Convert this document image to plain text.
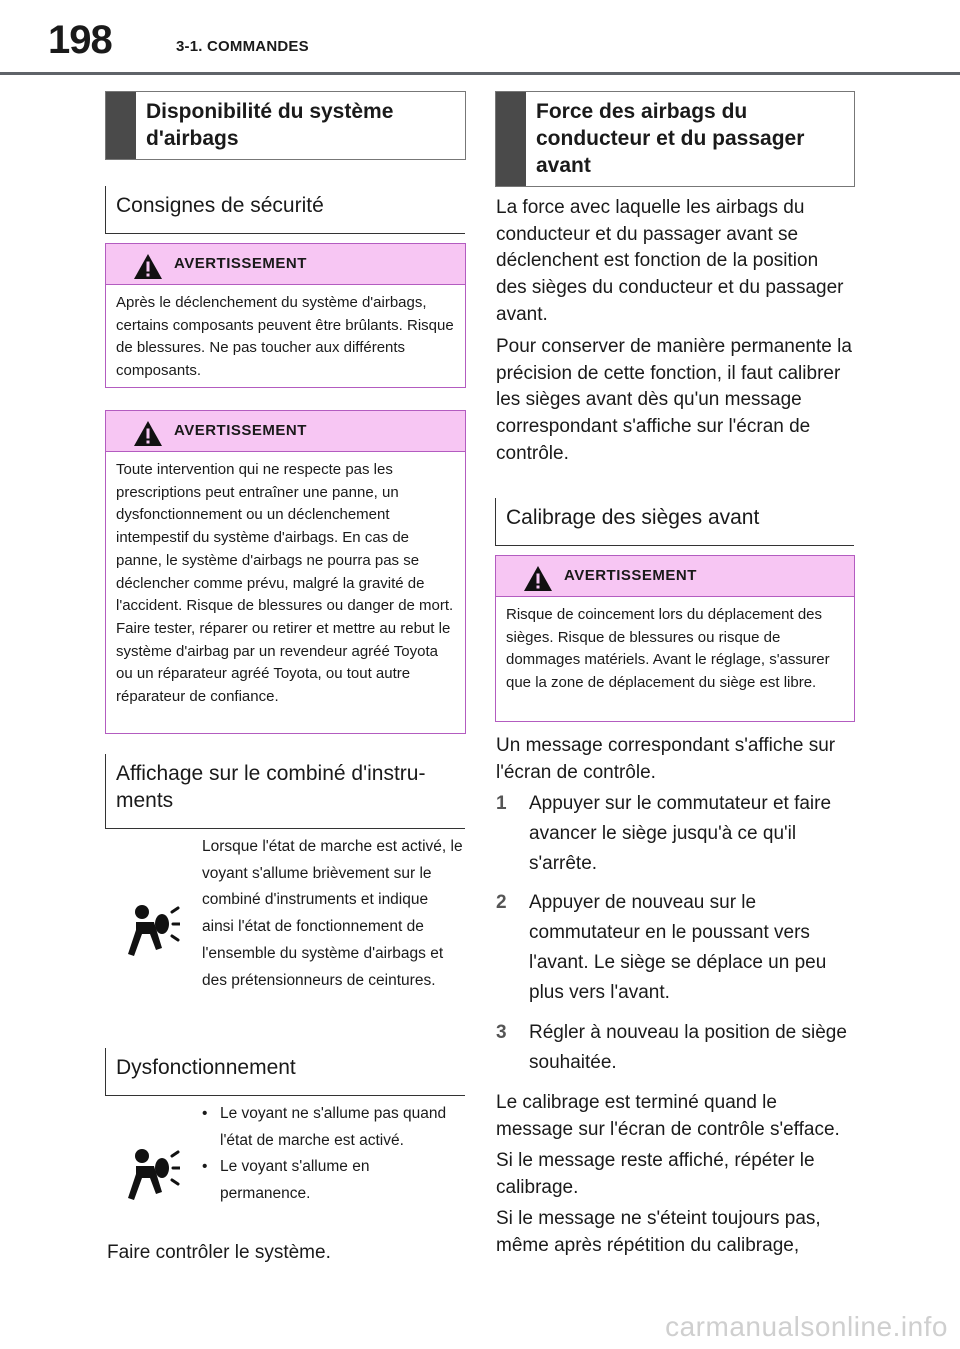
198	3-1. COMMANDES
Disponibilité du système d'airbags
Consignes de sécurité
AVERTISSEMENT
Après le déclenchement du système d'airbags, certains composants peuvent être brûlants. Risque de blessures. Ne pas toucher aux différents composants.
AVERTISSEMENT
Toute intervention qui ne respecte pas les prescriptions peut entraîner une panne, un dysfonctionnement ou un déclenchement intempestif du système d'airbags. En cas de panne, le système d'airbags ne pourra pas se déclencher comme prévu, malgré la gravité de l'accident. Risque de blessures ou danger de mort. Faire tester, réparer ou retirer et mettre au rebut le système d'airbag par un revendeur agréé Toyota ou un réparateur agréé Toyota, ou tout autre réparateur de confiance.
Affichage sur le combiné d'instru-ments
Lorsque l'état de marche est activé, le voyant s'allume brièvement sur le combiné d'instruments et indique ainsi l'état de fonctionnement de l'ensemble du système d'airbags et des prétensionneurs de ceintures.
Dysfonctionnement
• Le voyant ne s'allume pas quand l'état de marche est activé.
• Le voyant s'allume en permanence.
Faire contrôler le système.
Force des airbags du conducteur et du passager avant
La force avec laquelle les airbags du conducteur et du passager avant se déclenchent est fonction de la position des sièges du conducteur et du passager avant.
Pour conserver de manière permanente la précision de cette fonction, il faut calibrer les sièges avant dès qu'un message correspondant s'affiche sur l'écran de contrôle.
Calibrage des sièges avant
AVERTISSEMENT
Risque de coincement lors du déplacement des sièges. Risque de blessures ou risque de dommages matériels. Avant le réglage, s'assurer que la zone de déplacement du siège est libre.
Un message correspondant s'affiche sur l'écran de contrôle.
1 Appuyer sur le commutateur et faire avancer le siège jusqu'à ce qu'il s'arrête.
2 Appuyer de nouveau sur le commutateur en le poussant vers l'avant. Le siège se déplace un peu plus vers l'avant.
3 Régler à nouveau la position de siège souhaitée.
Le calibrage est terminé quand le message sur l'écran de contrôle s'efface.
Si le message reste affiché, répéter le calibrage.
Si le message ne s'éteint toujours pas, même après répétition du calibrage,
carmanualsonline.info
